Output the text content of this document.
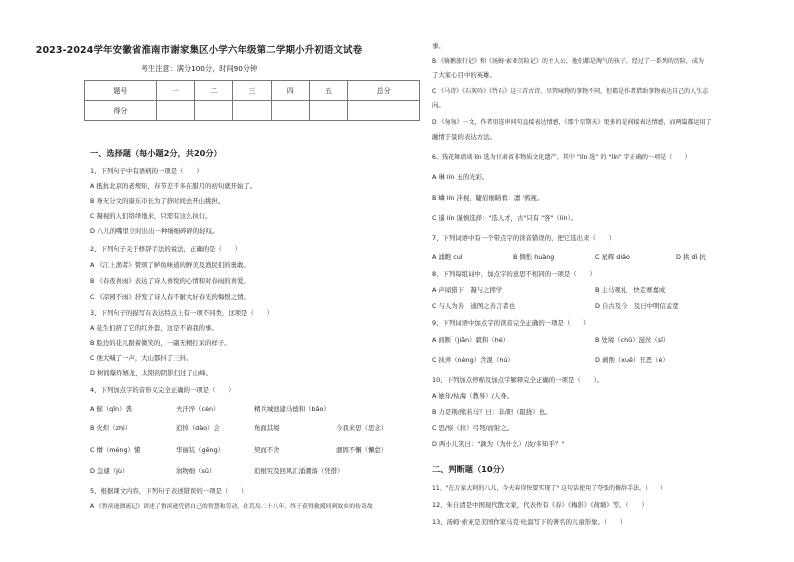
2023-2024学年安徽省淮南市谢家集区小学六年级第二学期小升初语文试卷
考生注意：满分100分，时间90分钟
题号	一	二	三	四	五	总分
得分						
一、选择题（每小题2分，共20分）
1、下列句子中有语病的一项是（　　）
A 抵抗北京的老规矩，春节差不多在腊月的初旬就开始了。
B 身无分文的康东市长为了挤时间去开山挑担。
C 凝视的人们络绎地来，只需有这么执行。
D 八儿的嘴里立时出出一种细细碎碎的轻叹。
2、下列句子关于修辞手法的说法，正确的是（　　）
A 《江上渔者》赞颂了鲈鱼味道的鲜美及渔民们的勇敢。
B 《春夜喜雨》表达了诗人喜悦的心情和对春雨的喜爱。
C 《凉园不雨》抒发了诗人春不耐大好春光的悔恨之情。
3、下列句子的描写在表达特点上有一项不同类，这项是（　　）
A 花生们挤了它的红外套，这是不请我的事。
B 脸边的花儿跟着微笑的，一副无精打采的样子。
C 他大喊了一声，大山都抖了三抖。
D 树间爆炸嬉龙，太阳的阴影扫过了山峰。
4、下列加点字的音形义完全正确的一项是（　　）
A 倔（qǐn）袭	夫汗淬（cèn）	精兵城池建马德和（bǎo）
B 火炽（zhì）	追悼（dào）会	角面其境	今我来思（思念）
C 懵（méng）懂	华丽装（gēng）	契而不舍	涸固不懈（懈怠）
D 急遽（jù）	润物细（sū）	追根究及回风汇涌潮落（凭借）
5、根据课文内容，下列句子表述错误的一项是（　　）
A 《鲁滨逊漂流记》讲述了鲁滨逊凭借自己的智慧和劳动，在荒岛二十八年，终于获得救援回到故乡的传奇故
事。
B 《骑鹅旅行记》和《汤姆·索亚历险记》的主人公，他们都是淘气的孩子，经过了一系列的历险，成为
了大家心目中的英雄。
C 《马诗》《石灰吟》《竹石》这三首古诗，尽管咏物的事物不同，但都是作者借助事物表达自己的人生志
向。
D 《匆匆》一文，作者用连串问句直接表达情感，《那个星期天》更多的是间接表达情感，而两篇都运用了
融情于景的表达方法。
6、钱花舞谱谈 lín 选为甘肃省非物质文化遗产。其中 “lín 选” 的 “lín” 字正确的一项是（　　）
A 琳 lín 玉的光彩。
B 嶙 lín 沣视，睫眉细睛看：凛 '鸦视。
C 遥 lín 谨慎选择："选人才，古"只有 "客"（lín）。
7、下列词语中有一个带点字的读音错误的，把它选出来（　　）
A 涌瞧 cuì	B 惆怅 huàng	C 星辉 diǎo	D 拱 dǐ 抗
8、下列每组词中，加点字的意思不相同的一项是（　　）
A 声闻猎下　凝与之摔学	B 主马观礼　快走赛嘉成
C 与人为善　通图之善言者也	D 自古及今　及日中明信孟宽
9、下列词语中加点字的读音完全正确的一项是（　　）
A 间断（jiān）毅和（hé）	B 处境（chǔ）滋丝（sī）
C 执弄（nèng）含混（hú）	D 剥削（xuē）丑恶（è）
10、下列加点停棉及加点字解释完全正确的一项是（　　）。
A 她年/枯海（教导）/人身。
B 力是荆/熊若马？曰：非/阳（阻挠）也。
C 思/察（拉）弓弩/而射之。
D 两小儿笑曰："孰为（为什么）/汝/多知乎？"
二、判断题（10分）
11、"在万家大阿的八儿，今天春得快要实现了" 这句话使用了夸张的修辞手法。（　　）
12、朱自清是中国现代散文家，代表作有《春》《梅影》《荷塘》等。（　　）
13、汤姆·索亚是美国作家马克·吐温写下的著名的儿童形象。（　　）
